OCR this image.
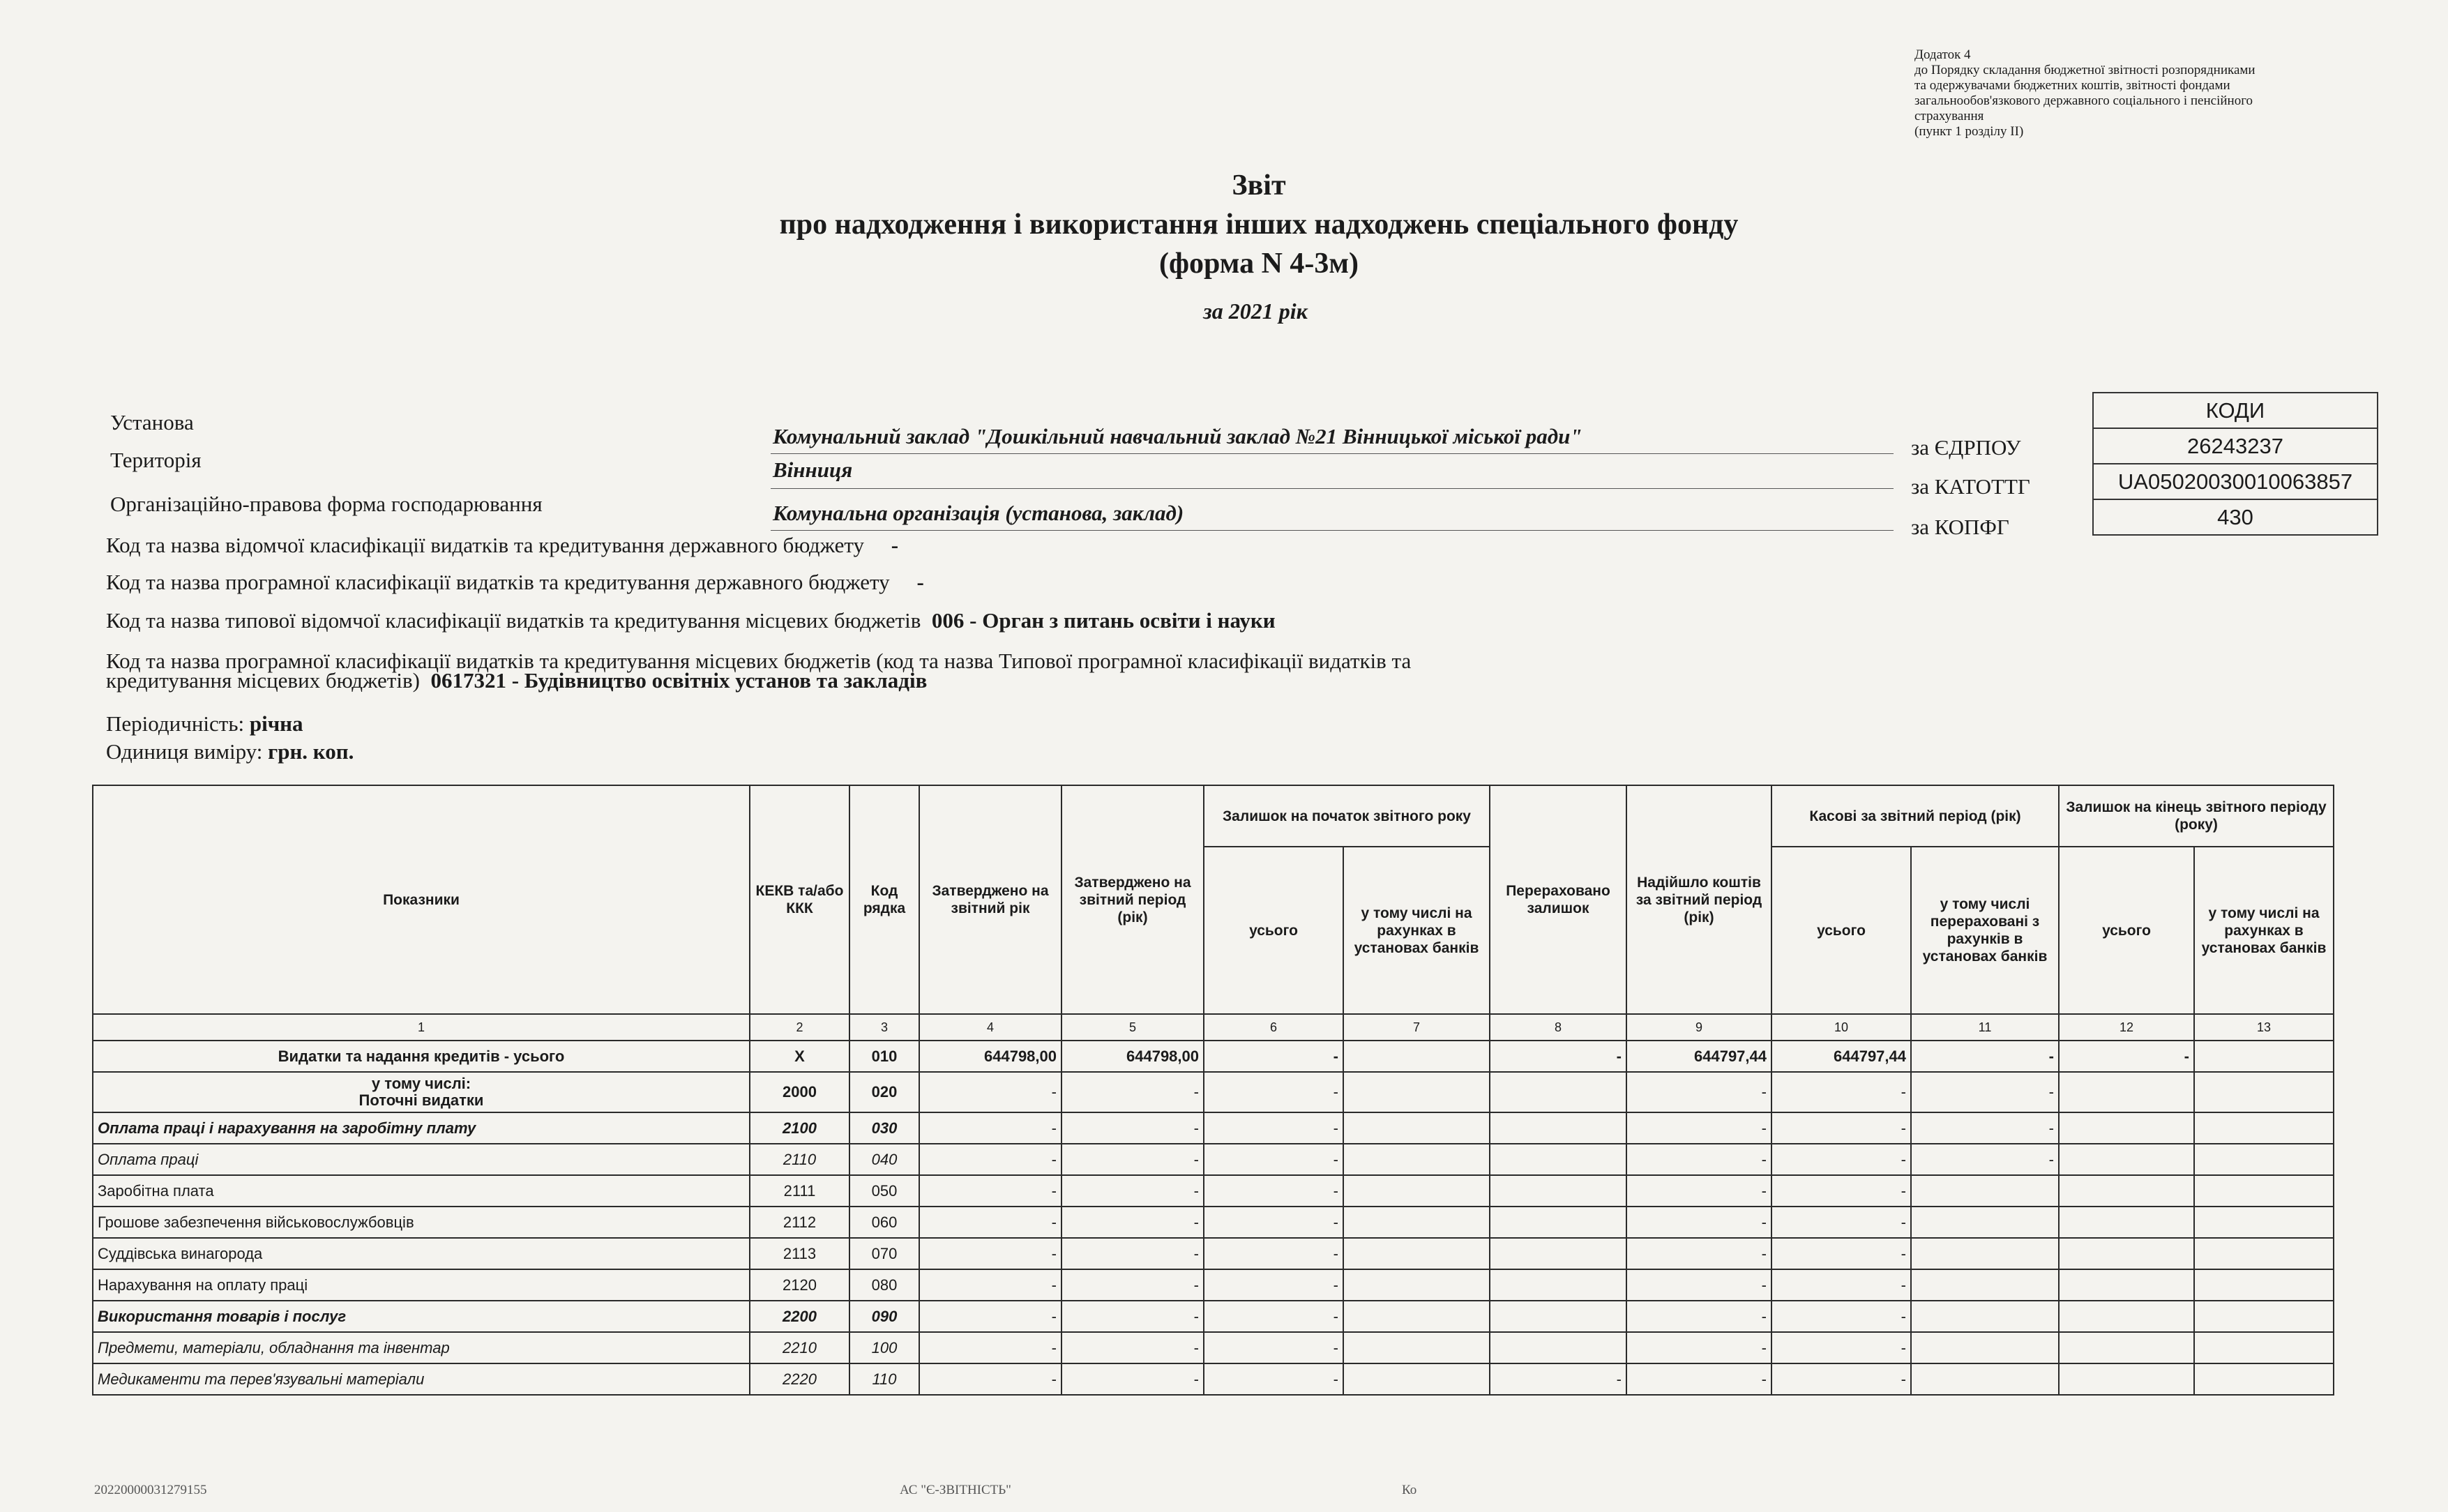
Додаток 4
до Порядку складання бюджетної звітності розпорядниками
та одержувачами бюджетних коштів, звітності фондами
загальнообов'язкового державного соціального і пенсійного
страхування
(пункт 1 розділу ІІ)
Звіт
про надходження і використання інших надходжень спеціального фонду
(форма N 4-3м)
за 2021 рік
Установа
Комунальний заклад "Дошкільний навчальний заклад №21 Вінницької міської ради"
Територія	Вінниця
Організаційно-правова форма господарювання	Комунальна організація (установа, заклад)
КОДИ
26243237
UA05020030010063857
430
за ЄДРПОУ
за КАТОТТГ
за КОПФГ
Код та назва відомчої класифікації видатків та кредитування державного бюджету -
Код та назва програмної класифікації видатків та кредитування державного бюджету -
Код та назва типової відомчої класифікації видатків та кредитування місцевих бюджетів 006 - Орган з питань освіти і науки
Код та назва програмної класифікації видатків та кредитування місцевих бюджетів (код та назва Типової програмної класифікації видатків та
кредитування місцевих бюджетів) 0617321 - Будівництво освітніх установ та закладів
Періодичність: річна
Одиниця виміру: грн. коп.
Показники	КЕКВ та/або ККК	Код рядка	Затверджено на звітний рік	Затверджено на звітний період (рік)	Залишок на початок звітного року		Перераховано залишок	Надійшло коштів за звітний період (рік)	Касові за звітний період (рік)		Залишок на кінець звітного періоду (року)	
					усього	у тому числі на рахунках в установах банків			усього	у тому числі перераховані з рахунків в установах банків	усього	у тому числі на рахунках в установах банків
1	2	3	4	5	6	7	8	9	10	11	12	13
Видатки та надання кредитів - усього	X	010	644798,00	644798,00	-		-	644797,44	644797,44	-	-	
у тому числі:
Поточні видатки	2000	020	-	-	-			-	-	-		
Оплата праці і нарахування на заробітну плату	2100	030	-	-	-			-	-	-		
Оплата праці	2110	040	-	-	-			-	-	-		
Заробітна плата	2111	050	-	-	-			-	-			
Грошове забезпечення військовослужбовців	2112	060	-	-	-			-	-			
Суддівська винагорода	2113	070	-	-	-			-	-			
Нарахування на оплату праці	2120	080	-	-	-			-	-			
Використання товарів і послуг	2200	090	-	-	-			-	-			
Предмети, матеріали, обладнання та інвентар	2210	100	-	-	-			-	-			
Медикаменти та перев'язувальні матеріали	2220	110	-	-	-		-	-	-			
20220000031279155	АС "Є-ЗВІТНІСТЬ"	Ко
